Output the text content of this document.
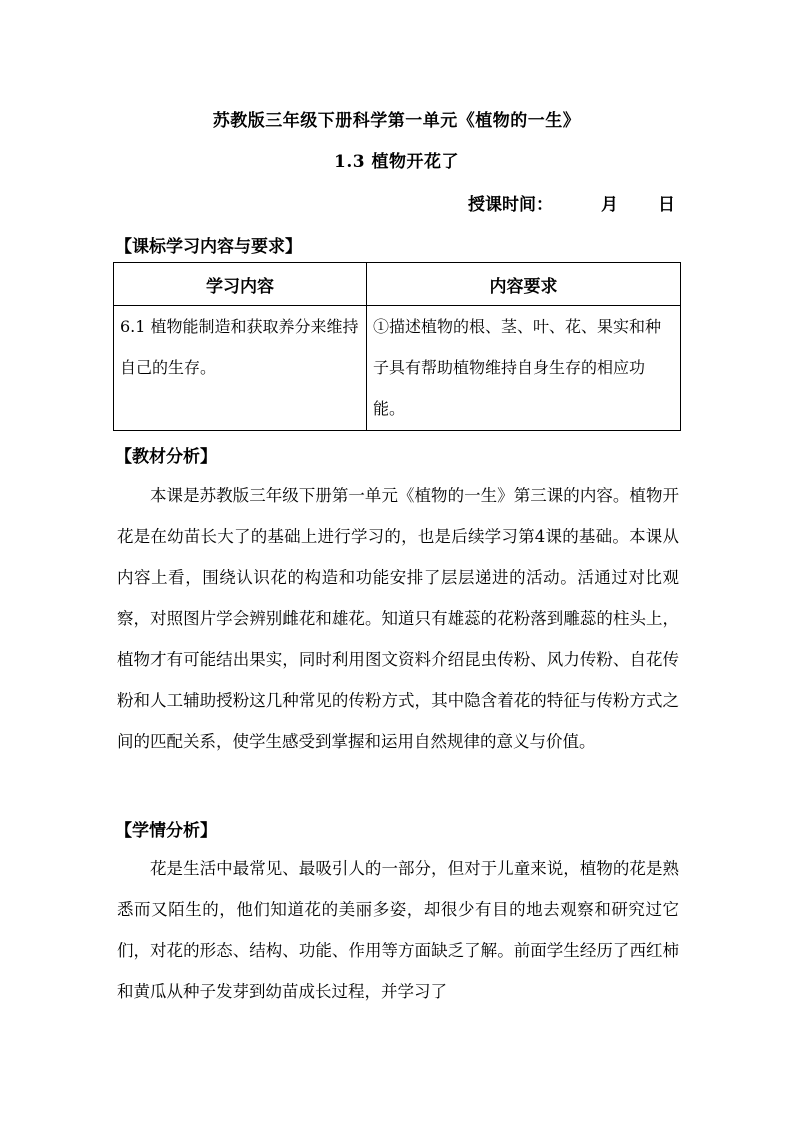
苏教版三年级下册科学第一单元《植物的一生》
1.3 植物开花了
授课时间：	月 日
【课标学习内容与要求】
学习内容	内容要求
6.1 植物能制造和获取养分来维持自己的生存。	①描述植物的根、茎、叶、花、果实和种子具有帮助植物维持自身生存的相应功能。
【教材分析】
本课是苏教版三年级下册第一单元《植物的一生》第三课的内容。植物开花是在幼苗长大了的基础上进行学习的，也是后续学习第4课的基础。本课从内容上看，围绕认识花的构造和功能安排了层层递进的活动。活通过对比观察，对照图片学会辨别雌花和雄花。知道只有雄蕊的花粉落到雕蕊的柱头上，植物才有可能结出果实，同时利用图文资料介绍昆虫传粉、风力传粉、自花传粉和人工辅助授粉这几种常见的传粉方式，其中隐含着花的特征与传粉方式之间的匹配关系，使学生感受到掌握和运用自然规律的意义与价值。
【学情分析】
花是生活中最常见、最吸引人的一部分，但对于儿童来说，植物的花是熟悉而又陌生的，他们知道花的美丽多姿，却很少有目的地去观察和研究过它们，对花的形态、结构、功能、作用等方面缺乏了解。前面学生经历了西红柿和黄瓜从种子发芽到幼苗成长过程，并学习了
